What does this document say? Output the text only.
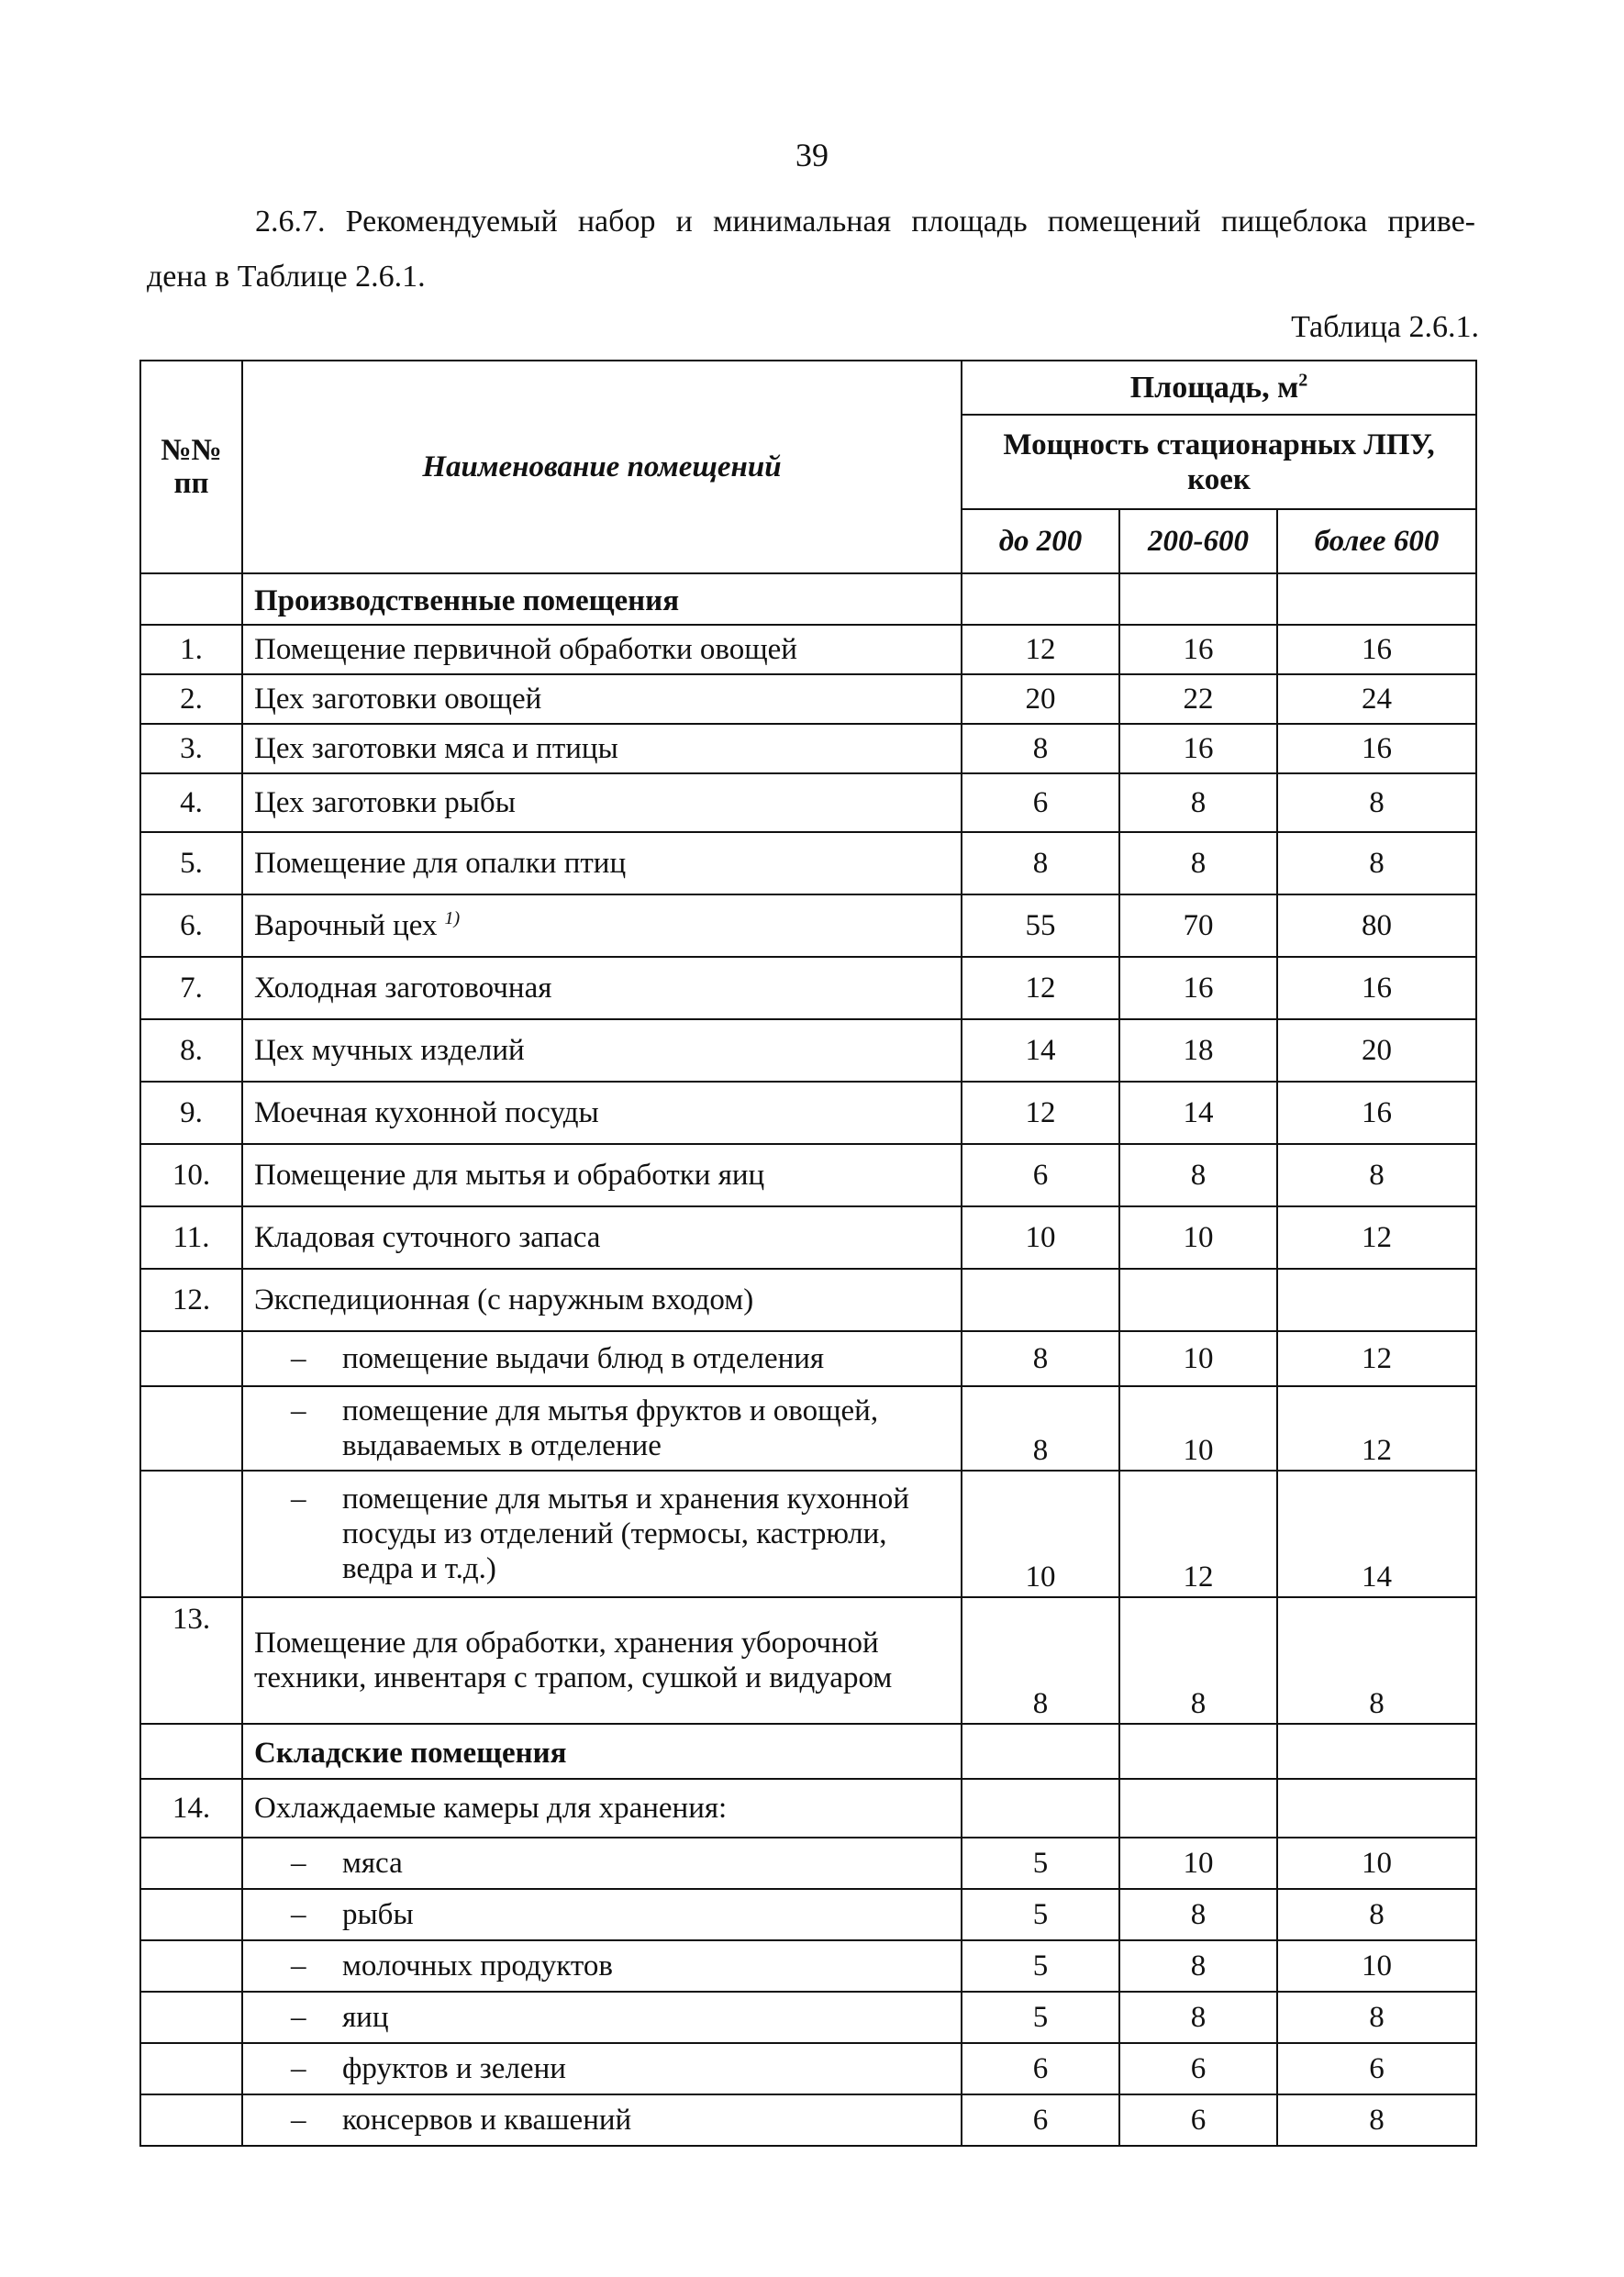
39
2.6.7. Рекомендуемый набор и минимальная площадь помещений пищеблока приве-
дена в Таблице 2.6.1.
Таблица 2.6.1.
№№
пп	Наименование помещений	Площадь, $м^2$
		Мощность стационарных ЛПУ, коек		
		до 200	200-600	более 600
	Производственные помещения			
1.	Помещение первичной обработки овощей	12	16	16
2.	Цех заготовки овощей	20	22	24
3.	Цех заготовки мяса и птицы	8	16	16
4.	Цех заготовки рыбы	6	8	8
5.	Помещение для опалки птиц	8	8	8
6.	Варочный цех $^{1)}$	55	70	80
7.	Холодная заготовочная	12	16	16
8.	Цех мучных изделий	14	18	20
9.	Моечная кухонной посуды	12	14	16
10.	Помещение для мытья и обработки яиц	6	8	8
11.	Кладовая суточного запаса	10	10	12
12.	Экспедиционная (с наружным входом)			

	– помещение выдачи блюд в отделения	8	10	12

	– помещение для мытья фруктов и овощей, выдаваемых в отделение	8	10	12

	– помещение для мытья и хранения кухонной посуды из отделений (термосы, кастрюли, ведра и т.д.)	10	12	14
13.	Помещение для обработки, хранения уборочной техники, инвентаря с трапом, сушкой и видуаром	8	8	8
	Складские помещения			
14.	Охлаждаемые камеры для хранения:			

	– мяса	5	10	10

	– рыбы	5	8	8

	– молочных продуктов	5	8	10

	– яиц	5	8	8

	– фруктов и зелени	6	6	6

	– консервов и квашений	6	6	8
